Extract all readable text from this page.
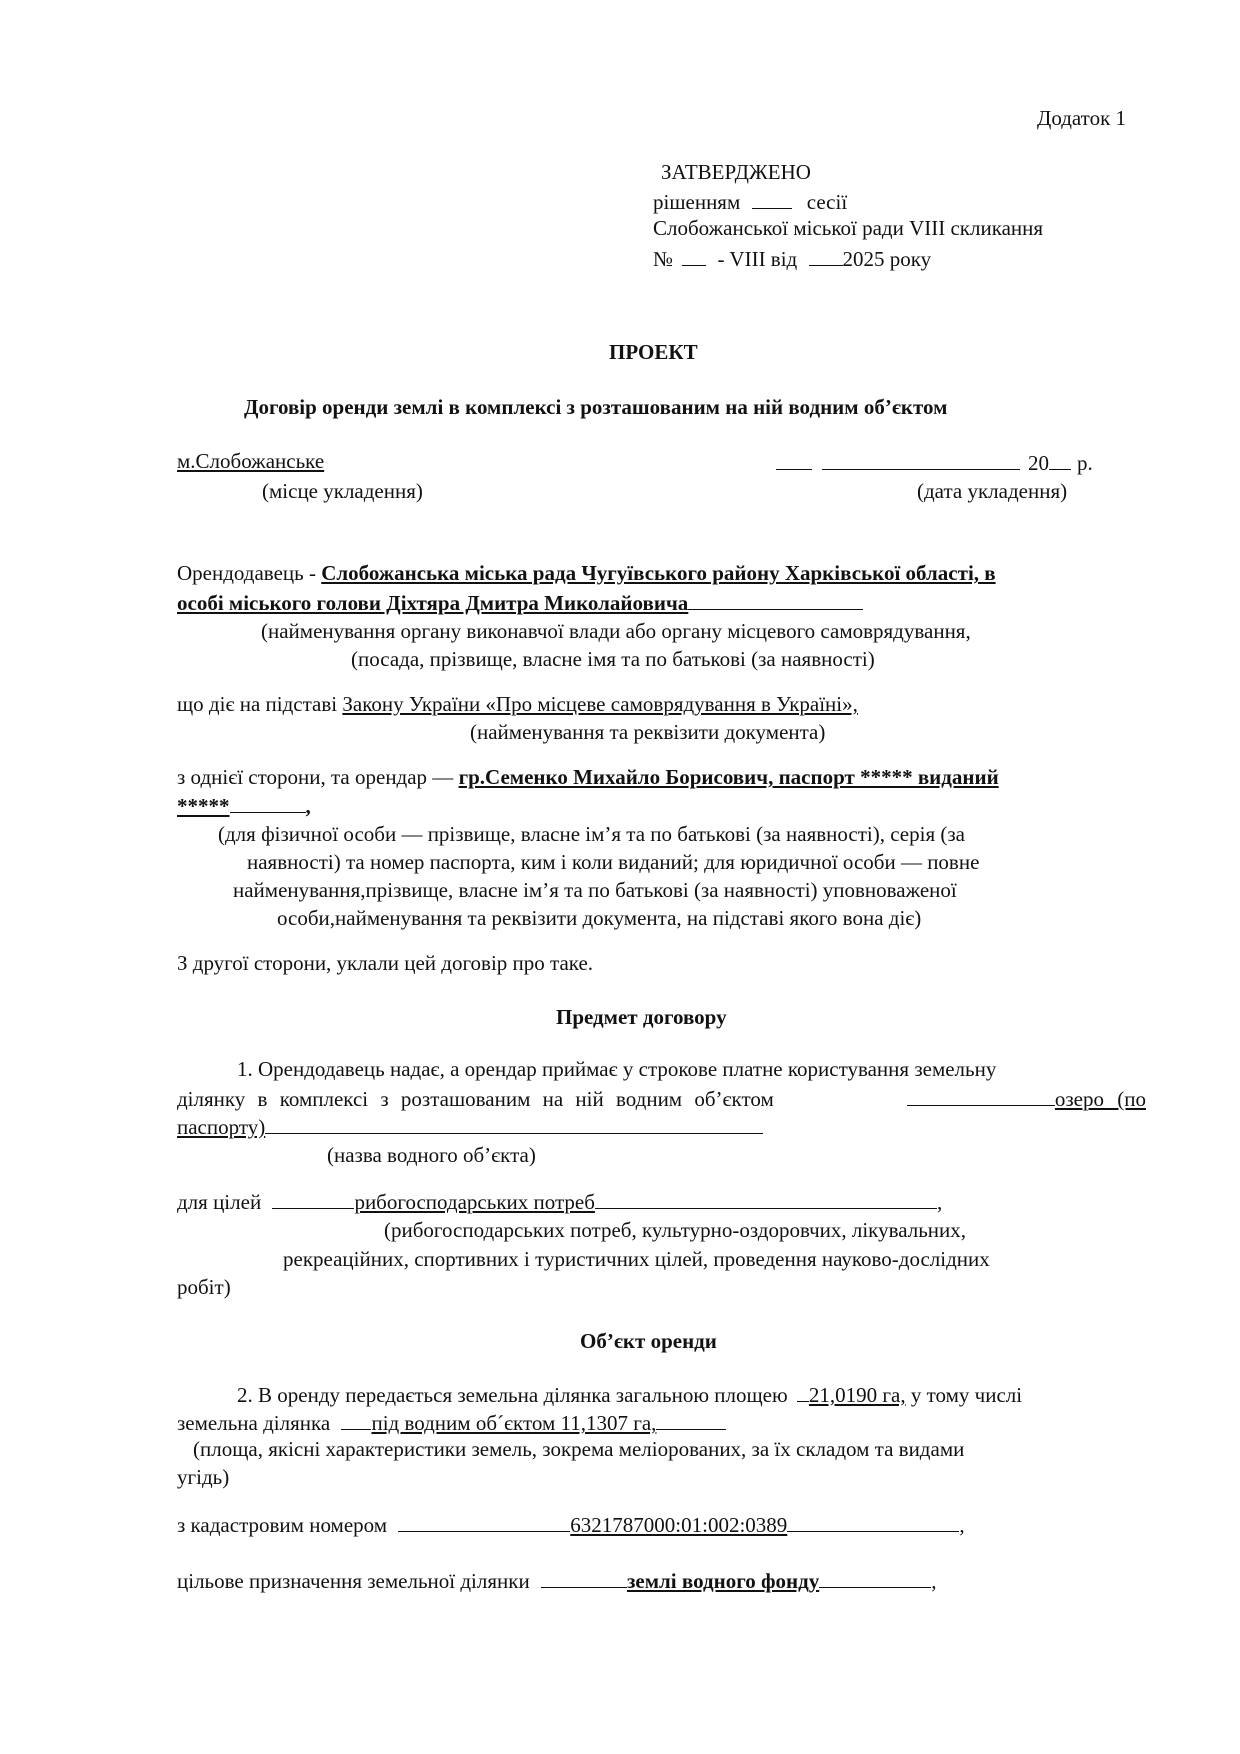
Додаток 1
ЗАТВЕРДЖЕНО
рішенням	сесії
Слобожанської міської ради VIII скликання
№ - VIII від 2025 року
ПРОЕКТ
Договір оренди землі в комплексі з розташованим на ній водним об’єктом
м.Слобожанське
(місце укладення)
20 р.
(дата укладення)
Орендодавець - Слобожанська міська рада Чугуївського району Харківської області, в
особі міського голови Діхтяра Дмитра Миколайовича
(найменування органу виконавчої влади або органу місцевого самоврядування,
(посада, прізвище, власне імя та по батькові (за наявності)
що діє на підставі Закону України «Про місцеве самоврядування в Україні»,
(найменування та реквізити документа)
з однієї сторони, та орендар — гр.Семенко Михайло Борисович, паспорт ***** виданий
*****	,
(для фізичної особи — прізвище, власне ім’я та по батькові (за наявності), серія (за
наявності) та номер паспорта, ким і коли виданий; для юридичної особи — повне
найменування,прізвище, власне ім’я та по батькові (за наявності) уповноваженої
особи,найменування та реквізити документа, на підставі якого вона діє)
З другої сторони, уклали цей договір про таке.
Предмет договору
1. Орендодавець надає, а орендар приймає у строкове платне користування земельну
ділянку в комплексі з розташованим на ній водним об’єктом	озеро (по
паспорту)
(назва водного об’єкта)
для цілей	рибогосподарських потреб	,
(рибогосподарських потреб, культурно-оздоровчих, лікувальних,
рекреаційних, спортивних і туристичних цілей, проведення науково-дослідних
робіт)
Об’єкт оренди
2. В оренду передається земельна ділянка загальною площею 21,0190 га, у тому числі
земельна ділянка під водним об´єктом 11,1307 га,
(площа, якісні характеристики земель, зокрема меліорованих, за їх складом та видами
угідь)
з кадастровим номером	6321787000:01:002:0389	,
цільове призначення земельної ділянки	землі водного фонду	,
